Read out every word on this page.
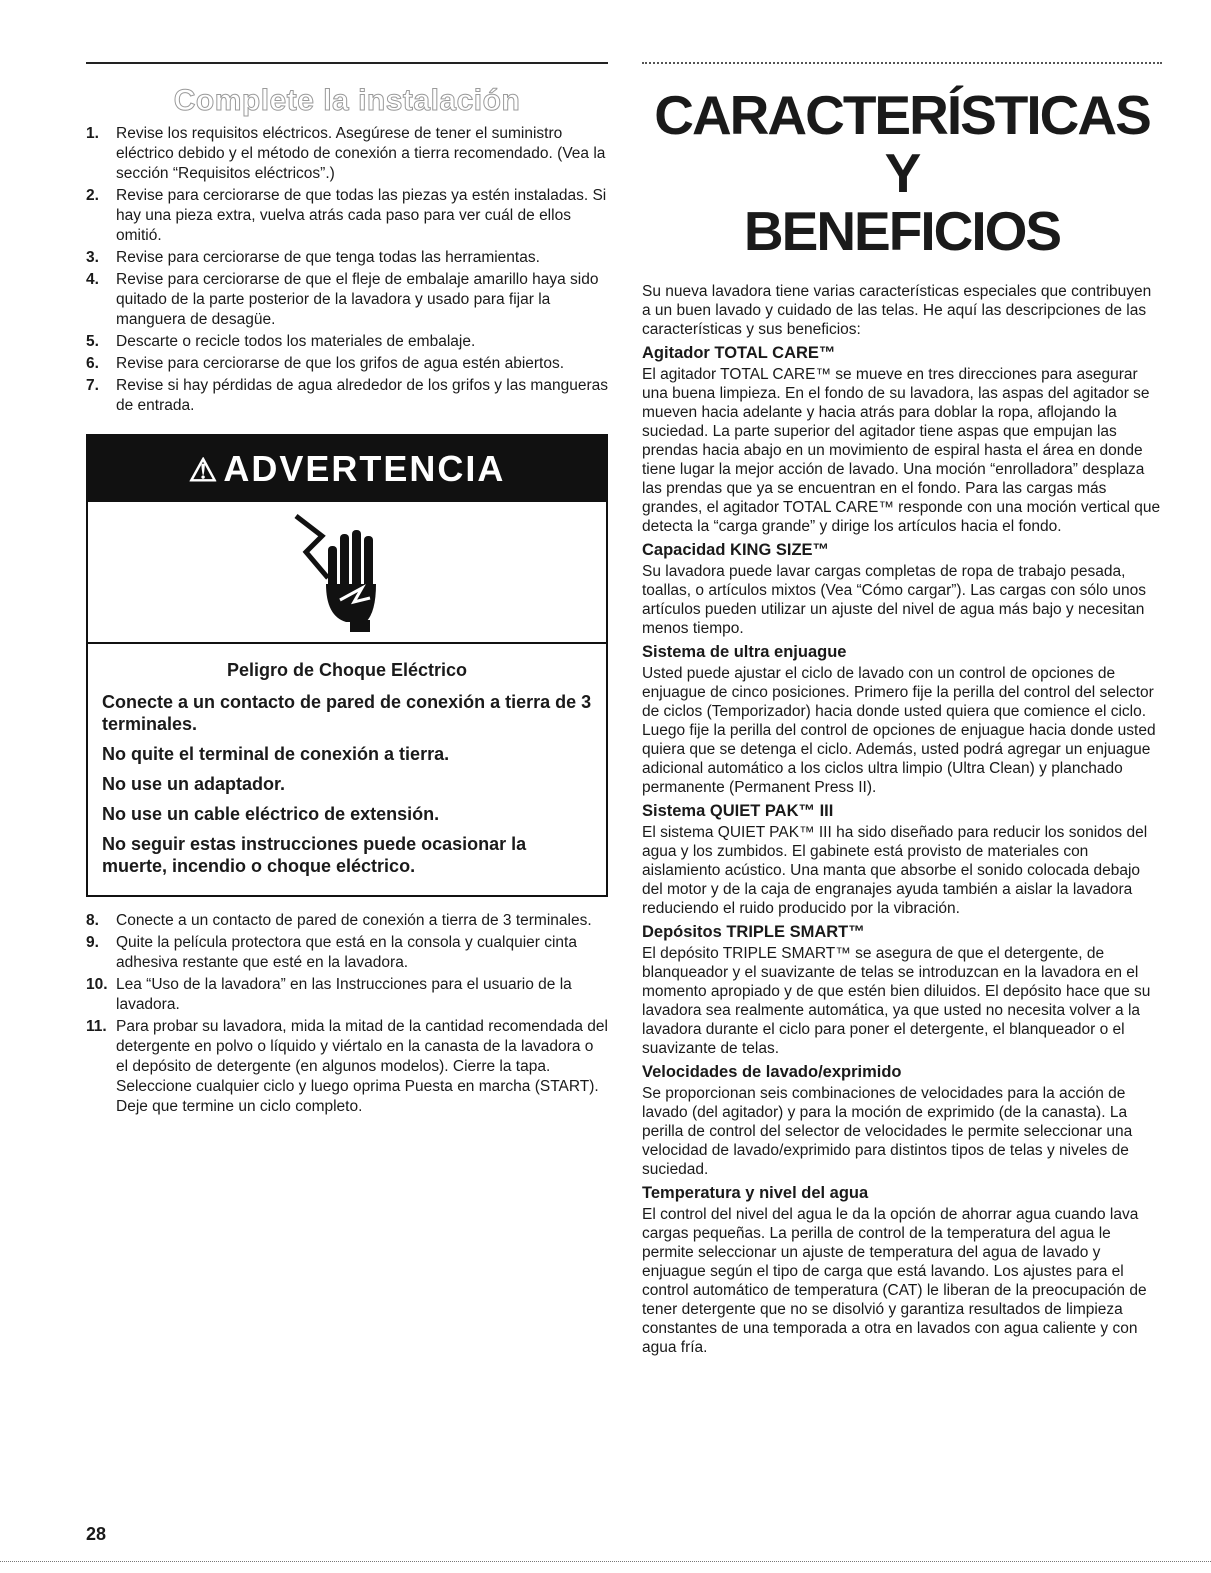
Complete la instalación
1. Revise los requisitos eléctricos. Asegúrese de tener el suministro eléctrico debido y el método de conexión a tierra recomendado. (Vea la sección “Requisitos eléctricos”.)
2. Revise para cerciorarse de que todas las piezas ya estén instaladas. Si hay una pieza extra, vuelva atrás cada paso para ver cuál de ellos omitió.
3. Revise para cerciorarse de que tenga todas las herramientas.
4. Revise para cerciorarse de que el fleje de embalaje amarillo haya sido quitado de la parte posterior de la lavadora y usado para fijar la manguera de desagüe.
5. Descarte o recicle todos los materiales de embalaje.
6. Revise para cerciorarse de que los grifos de agua estén abiertos.
7. Revise si hay pérdidas de agua alrededor de los grifos y las mangueras de entrada.
⚠ ADVERTENCIA
Peligro de Choque Eléctrico

Conecte a un contacto de pared de conexión a tierra de 3 terminales.

No quite el terminal de conexión a tierra.

No use un adaptador.

No use un cable eléctrico de extensión.

No seguir estas instrucciones puede ocasionar la muerte, incendio o choque eléctrico.

8. Conecte a un contacto de pared de conexión a tierra de 3 terminales.
9. Quite la película protectora que está en la consola y cualquier cinta adhesiva restante que esté en la lavadora.
10. Lea “Uso de la lavadora” en las Instrucciones para el usuario de la lavadora.
11. Para probar su lavadora, mida la mitad de la cantidad recomendada del detergente en polvo o líquido y viértalo en la canasta de la lavadora o el depósito de detergente (en algunos modelos). Cierre la tapa. Seleccione cualquier ciclo y luego oprima Puesta en marcha (START). Deje que termine un ciclo completo.
CARACTERÍSTICAS Y
BENEFICIOS

Su nueva lavadora tiene varias características especiales que contribuyen a un buen lavado y cuidado de las telas. He aquí las descripciones de las características y sus beneficios:

Agitador TOTAL CARE™

El agitador TOTAL CARE™ se mueve en tres direcciones para asegurar una buena limpieza. En el fondo de su lavadora, las aspas del agitador se mueven hacia adelante y hacia atrás para doblar la ropa, aflojando la suciedad. La parte superior del agitador tiene aspas que empujan las prendas hacia abajo en un movimiento de espiral hasta el área en donde tiene lugar la mejor acción de lavado. Una moción “enrolladora” desplaza las prendas que ya se encuentran en el fondo. Para las cargas más grandes, el agitador TOTAL CARE™ responde con una moción vertical que detecta la “carga grande” y dirige los artículos hacia el fondo.

Capacidad KING SIZE™

Su lavadora puede lavar cargas completas de ropa de trabajo pesada, toallas, o artículos mixtos (Vea “Cómo cargar”). Las cargas con sólo unos artículos pueden utilizar un ajuste del nivel de agua más bajo y necesitan menos tiempo.

Sistema de ultra enjuague

Usted puede ajustar el ciclo de lavado con un control de opciones de enjuague de cinco posiciones. Primero fije la perilla del control del selector de ciclos (Temporizador) hacia donde usted quiera que comience el ciclo. Luego fije la perilla del control de opciones de enjuague hacia donde usted quiera que se detenga el ciclo. Además, usted podrá agregar un enjuague adicional automático a los ciclos ultra limpio (Ultra Clean) y planchado permanente (Permanent Press II).

Sistema QUIET PAK™ III

El sistema QUIET PAK™ III ha sido diseñado para reducir los sonidos del agua y los zumbidos. El gabinete está provisto de materiales con aislamiento acústico. Una manta que absorbe el sonido colocada debajo del motor y de la caja de engranajes ayuda también a aislar la lavadora reduciendo el ruido producido por la vibración.

Depósitos TRIPLE SMART™

El depósito TRIPLE SMART™ se asegura de que el detergente, de blanqueador y el suavizante de telas se introduzcan en la lavadora en el momento apropiado y de que estén bien diluidos. El depósito hace que su lavadora sea realmente automática, ya que usted no necesita volver a la lavadora durante el ciclo para poner el detergente, el blanqueador o el suavizante de telas.

Velocidades de lavado/exprimido

Se proporcionan seis combinaciones de velocidades para la acción de lavado (del agitador) y para la moción de exprimido (de la canasta). La perilla de control del selector de velocidades le permite seleccionar una velocidad de lavado/exprimido para distintos tipos de telas y niveles de suciedad.

Temperatura y nivel del agua

El control del nivel del agua le da la opción de ahorrar agua cuando lava cargas pequeñas. La perilla de control de la temperatura del agua le permite seleccionar un ajuste de temperatura del agua de lavado y enjuague según el tipo de carga que está lavando. Los ajustes para el control automático de temperatura (CAT) le liberan de la preocupación de tener detergente que no se disolvió y garantiza resultados de limpieza constantes de una temporada a otra en lavados con agua caliente y con agua fría.

28
